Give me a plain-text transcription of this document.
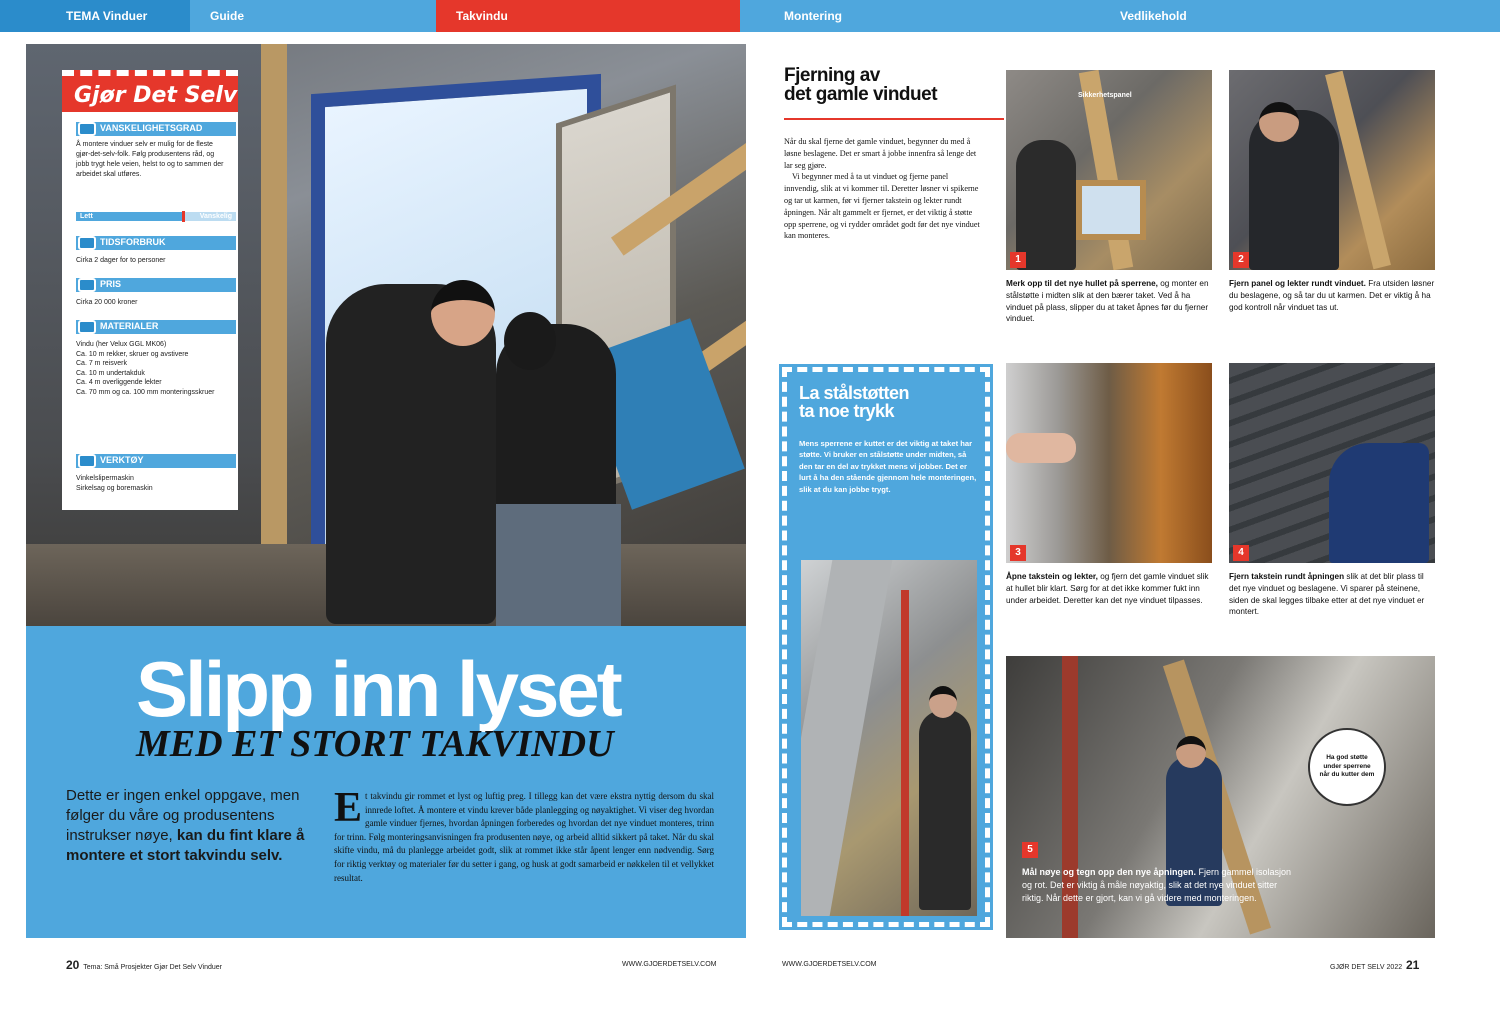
TEMA Vinduer	Guide	Takvindu	Montering	Vedlikehold
Gjør Det Selv
VANSKELIGHETSGRAD
Å montere vinduer selv er mulig for de fleste gjør-det-selv-folk. Følg produsentens råd, og jobb trygt hele veien, helst to og to sammen der arbeidet skal utføres.
Lett	Vanskelig
TIDSFORBRUK
Cirka 2 dager for to personer
PRIS
Cirka 20 000 kroner
MATERIALER
Vindu (her Velux GGL MK06)
Ca. 10 m rekker, skruer og avstivere
Ca. 7 m reisverk
Ca. 10 m undertakduk
Ca. 4 m overliggende lekter
Ca. 70 mm og ca. 100 mm monteringsskruer
VERKTØY
Vinkelslipermaskin
Sirkelsag og boremaskin
Slipp inn lyset
MED ET STORT TAKVINDU
Dette er ingen enkel oppgave, men følger du våre og produsentens instrukser nøye, kan du fint klare å montere et stort takvindu selv.
E t takvindu gir rommet et lyst og luftig preg. I tillegg kan det være ekstra nyttig dersom du skal innrede loftet. Å montere et vindu krever både planlegging og nøyaktighet. Vi viser deg hvordan gamle vinduer fjernes, hvordan åpningen forberedes og hvordan det nye vinduet monteres, trinn for trinn. Følg monteringsanvisningen fra produsenten nøye, og arbeid alltid sikkert på taket. Når du skal skifte vindu, må du planlegge arbeidet godt, slik at rommet ikke står åpent lenger enn nødvendig. Sørg for riktig verktøy og materialer før du setter i gang, og husk at godt samarbeid er nøkkelen til et vellykket resultat.
20 Tema: Små Prosjekter Gjør Det Selv Vinduer	WWW.GJOERDETSELV.COM	WWW.GJOERDETSELV.COM	GJØR DET SELV 2022 21
Fjerning av
det gamle vinduet

Når du skal fjerne det gamle vinduet, begynner du med å løsne beslagene. Det er smart å jobbe innenfra så lenge det lar seg gjøre.

Vi begynner med å ta ut vinduet og fjerne panel innvendig, slik at vi kommer til. Deretter løsner vi spikerne og tar ut karmen, før vi fjerner takstein og lekter rundt åpningen. Når alt gammelt er fjernet, er det viktig å støtte opp sperrene, og vi rydder området godt før det nye vinduet kan monteres.

Sikkerhetspanel
1	2
3	4
Merk opp til det nye hullet på sperrene, og monter en stålstøtte i midten slik at den bærer taket. Ved å ha vinduet på plass, slipper du at taket åpnes før du fjerner vinduet.
Fjern panel og lekter rundt vinduet. Fra utsiden løsner du beslagene, og så tar du ut karmen. Det er viktig å ha god kontroll når vinduet tas ut.
Åpne takstein og lekter, og fjern det gamle vinduet slik at hullet blir klart. Sørg for at det ikke kommer fukt inn under arbeidet. Deretter kan det nye vinduet tilpasses.
Fjern takstein rundt åpningen slik at det blir plass til det nye vinduet og beslagene. Vi sparer på steinene, siden de skal legges tilbake etter at det nye vinduet er montert.
5
Mål nøye og tegn opp den nye åpningen. Fjern gammel isolasjon og rot. Det er viktig å måle nøyaktig, slik at det nye vinduet sitter riktig. Når dette er gjort, kan vi gå videre med monteringen.
Ha god støtte under sperrene når du kutter dem
La stålstøtten
ta noe trykk
Mens sperrene er kuttet er det viktig at taket har støtte. Vi bruker en stålstøtte under midten, så den tar en del av trykket mens vi jobber. Det er lurt å ha den stående gjennom hele monteringen, slik at du kan jobbe trygt.
